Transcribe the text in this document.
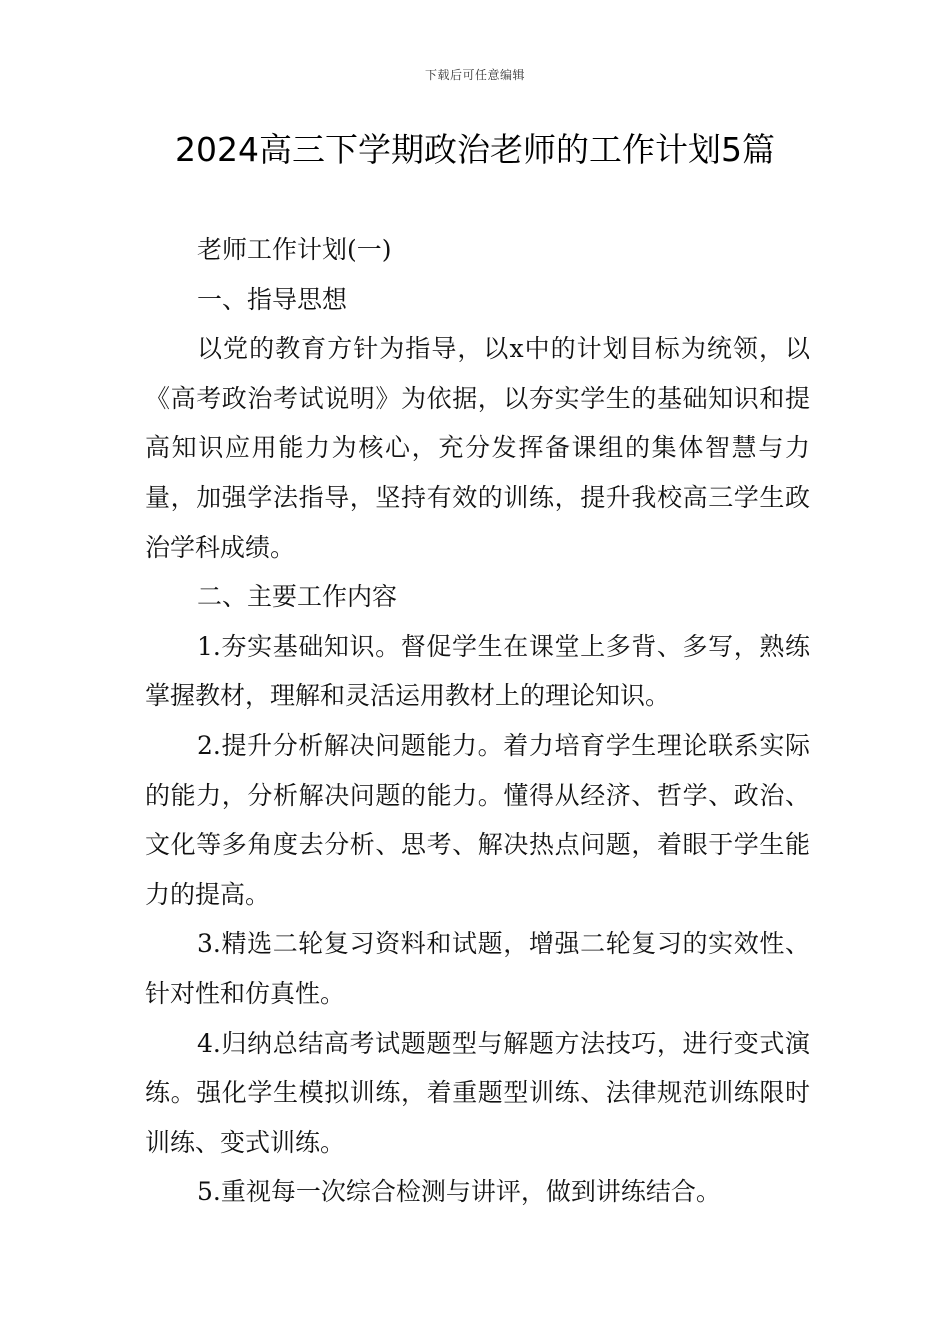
下载后可任意编辑
2024高三下学期政治老师的工作计划5篇

老师工作计划(一)

一、指导思想

以党的教育方针为指导，以x中的计划目标为统领，以《高考政治考试说明》为依据，以夯实学生的基础知识和提高知识应用能力为核心，充分发挥备课组的集体智慧与力量，加强学法指导，坚持有效的训练，提升我校高三学生政治学科成绩。

二、主要工作内容

1.夯实基础知识。督促学生在课堂上多背、多写，熟练掌握教材，理解和灵活运用教材上的理论知识。

2.提升分析解决问题能力。着力培育学生理论联系实际的能力，分析解决问题的能力。懂得从经济、哲学、政治、文化等多角度去分析、思考、解决热点问题，着眼于学生能力的提高。

3.精选二轮复习资料和试题，增强二轮复习的实效性、针对性和仿真性。

4.归纳总结高考试题题型与解题方法技巧，进行变式演练。强化学生模拟训练，着重题型训练、法律规范训练限时训练、变式训练。

5.重视每一次综合检测与讲评，做到讲练结合。
